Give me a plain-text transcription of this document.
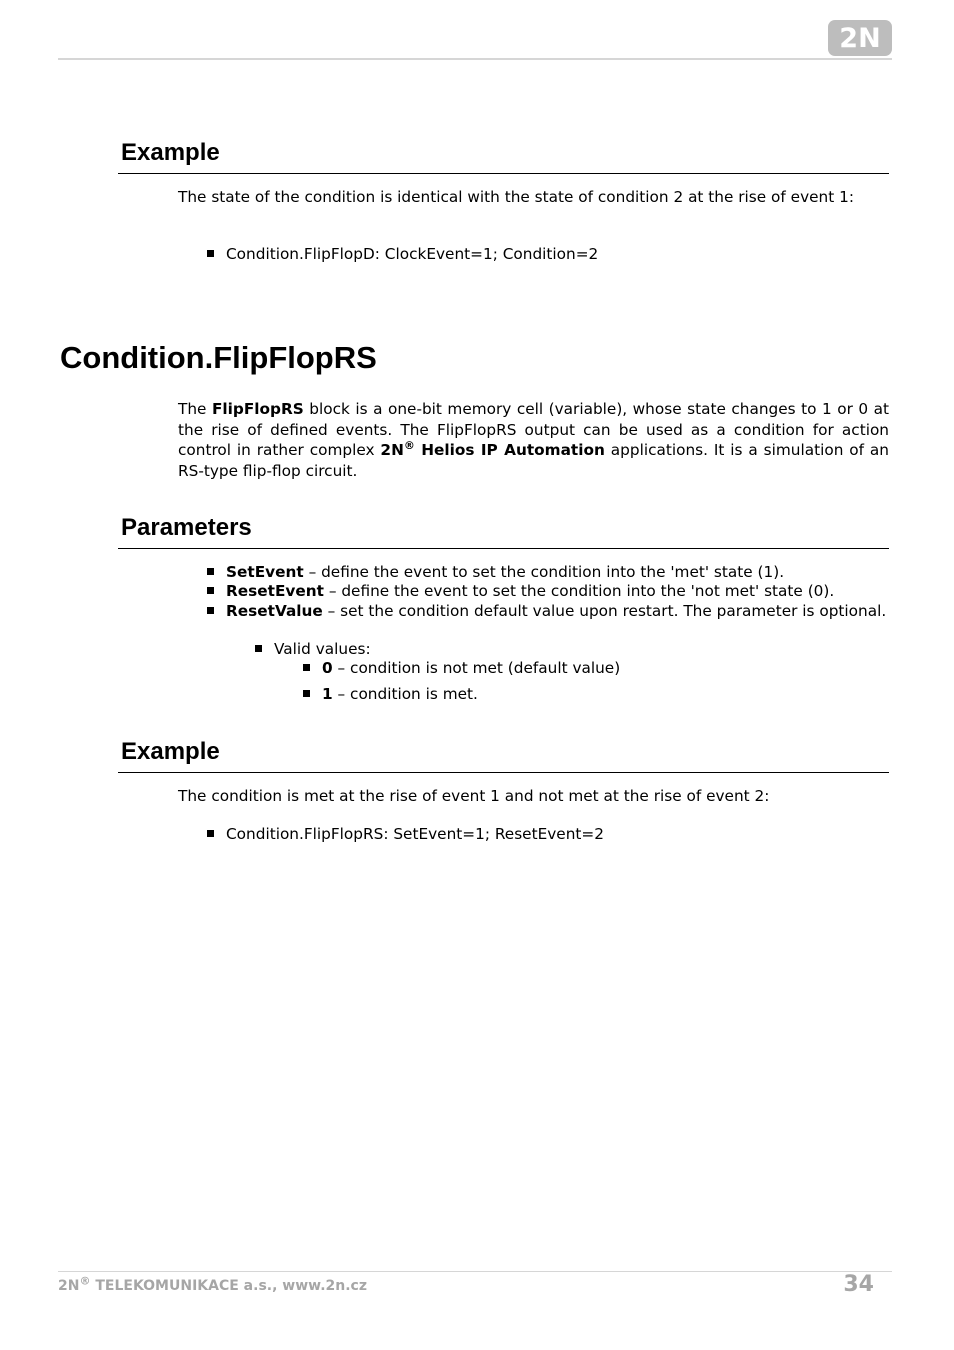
2N
Example

The state of the condition is identical with the state of condition 2 at the rise of event 1:

Condition.FlipFlopD: ClockEvent=1; Condition=2

Condition.FlipFlopRS

The FlipFlopRS block is a one-bit memory cell (variable), whose state changes to 1 or 0 at the rise of defined events. The FlipFlopRS output can be used as a condition for action control in rather complex 2N® Helios IP Automation applications. It is a simulation of an RS-type flip-flop circuit.

Parameters

SetEvent – define the event to set the condition into the 'met' state (1).

ResetEvent – define the event to set the condition into the 'not met' state (0).

ResetValue – set the condition default value upon restart. The parameter is optional.

Valid values:

0 – condition is not met (default value)

1 – condition is met.

Example

The condition is met at the rise of event 1 and not met at the rise of event 2:

Condition.FlipFlopRS: SetEvent=1; ResetEvent=2

2N® TELEKOMUNIKACE a.s., www.2n.cz	34
